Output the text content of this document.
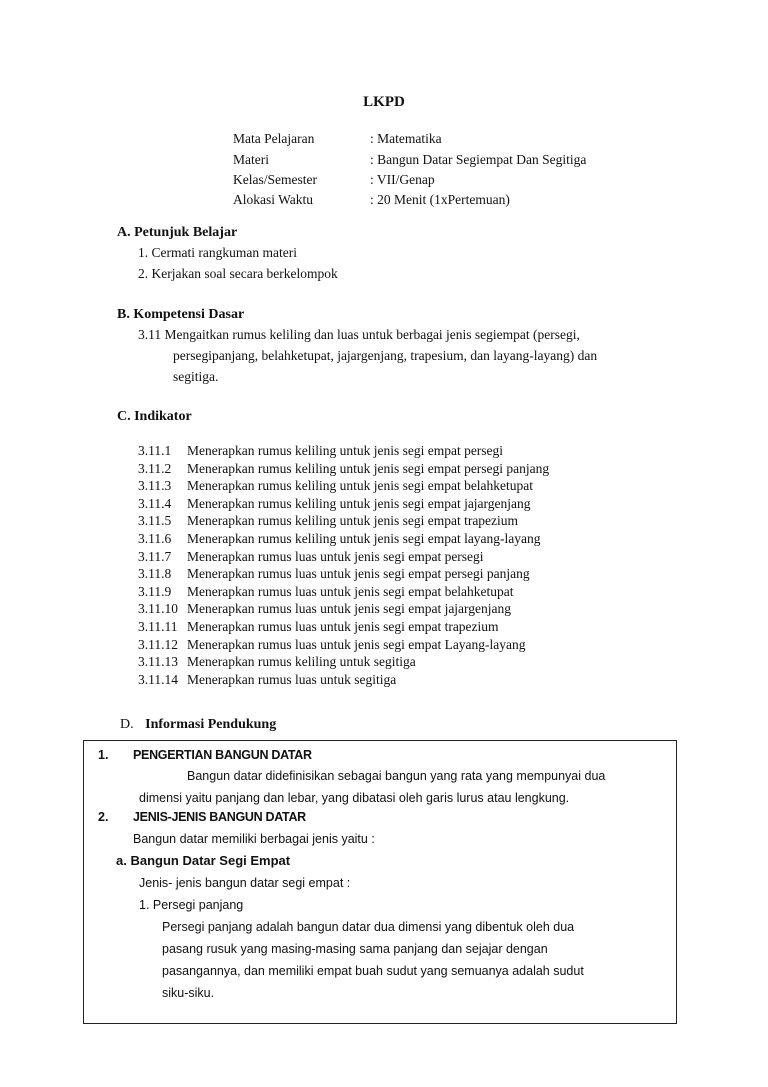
LKPD
Mata Pelajaran	: Matematika
Materi	: Bangun Datar Segiempat Dan Segitiga
Kelas/Semester	: VII/Genap
Alokasi Waktu	: 20 Menit (1xPertemuan)
A. Petunjuk Belajar
1. Cermati rangkuman materi
2. Kerjakan soal secara berkelompok
B. Kompetensi Dasar
3.11 Mengaitkan rumus keliling dan luas untuk berbagai jenis segiempat (persegi,
persegipanjang, belahketupat, jajargenjang, trapesium, dan layang-layang) dan
segitiga.
C. Indikator
3.11.1 Menerapkan rumus keliling untuk jenis segi empat persegi
3.11.2 Menerapkan rumus keliling untuk jenis segi empat persegi panjang
3.11.3 Menerapkan rumus keliling untuk jenis segi empat belahketupat
3.11.4 Menerapkan rumus keliling untuk jenis segi empat jajargenjang
3.11.5 Menerapkan rumus keliling untuk jenis segi empat trapezium
3.11.6 Menerapkan rumus keliling untuk jenis segi empat layang-layang
3.11.7 Menerapkan rumus luas untuk jenis segi empat persegi
3.11.8 Menerapkan rumus luas untuk jenis segi empat persegi panjang
3.11.9 Menerapkan rumus luas untuk jenis segi empat belahketupat
3.11.10 Menerapkan rumus luas untuk jenis segi empat jajargenjang
3.11.11 Menerapkan rumus luas untuk jenis segi empat trapezium
3.11.12 Menerapkan rumus luas untuk jenis segi empat Layang-layang
3.11.13 Menerapkan rumus keliling untuk segitiga
3.11.14 Menerapkan rumus luas untuk segitiga
D. Informasi Pendukung
1. PENGERTIAN BANGUN DATAR
Bangun datar didefinisikan sebagai bangun yang rata yang mempunyai dua
dimensi yaitu panjang dan lebar, yang dibatasi oleh garis lurus atau lengkung.
2. JENIS-JENIS BANGUN DATAR
Bangun datar memiliki berbagai jenis yaitu :
a. Bangun Datar Segi Empat
Jenis- jenis bangun datar segi empat :
1. Persegi panjang
Persegi panjang adalah bangun datar dua dimensi yang dibentuk oleh dua
pasang rusuk yang masing-masing sama panjang dan sejajar dengan
pasangannya, dan memiliki empat buah sudut yang semuanya adalah sudut
siku-siku.
